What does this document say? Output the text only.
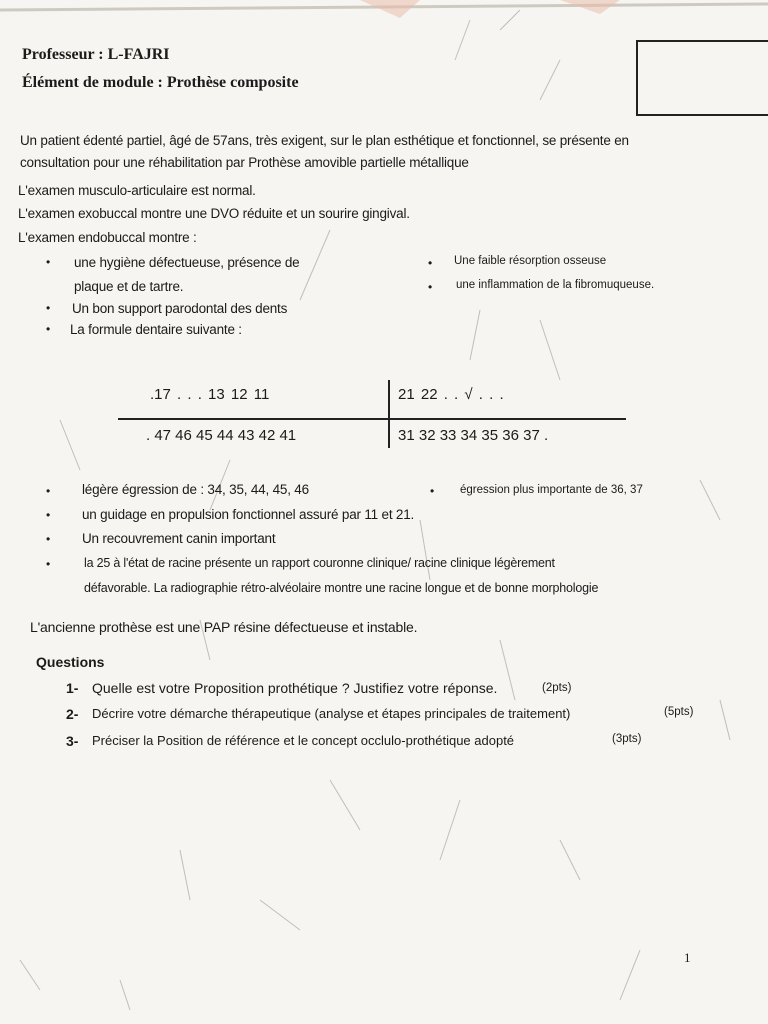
Professeur : L-FAJRI
Élément de module : Prothèse composite
Un patient édenté partiel, âgé de 57ans, très exigent, sur le plan esthétique et fonctionnel, se présente en
consultation pour une réhabilitation par Prothèse amovible partielle métallique
L'examen musculo-articulaire est normal.
L'examen exobuccal montre une DVO réduite et un sourire gingival.
L'examen endobuccal montre :
• une hygiène défectueuse, présence de
plaque et de tartre.
• Un bon support parodontal des dents
• La formule dentaire suivante :
• Une faible résorption osseuse
• une inflammation de la fibromuqueuse.
.17 . . . 13 12 11	21 22 . . √ . . .
. 47 46 45 44 43 42 41	31 32 33 34 35 36 37 .
• légère égression de : 34, 35, 44, 45, 46	• égression plus importante de 36, 37
• un guidage en propulsion fonctionnel assuré par 11 et 21.
• Un recouvrement canin important
•	la 25 à l'état de racine présente un rapport couronne clinique/ racine clinique légèrement
défavorable. La radiographie rétro-alvéolaire montre une racine longue et de bonne morphologie
L'ancienne prothèse est une PAP résine défectueuse et instable.
Questions
1- Quelle est votre Proposition prothétique ? Justifiez votre réponse.	(2pts)
2- Décrire votre démarche thérapeutique (analyse et étapes principales de traitement)	(5pts)
3- Préciser la Position de référence et le concept occlulo-prothétique adopté	(3pts)
1
